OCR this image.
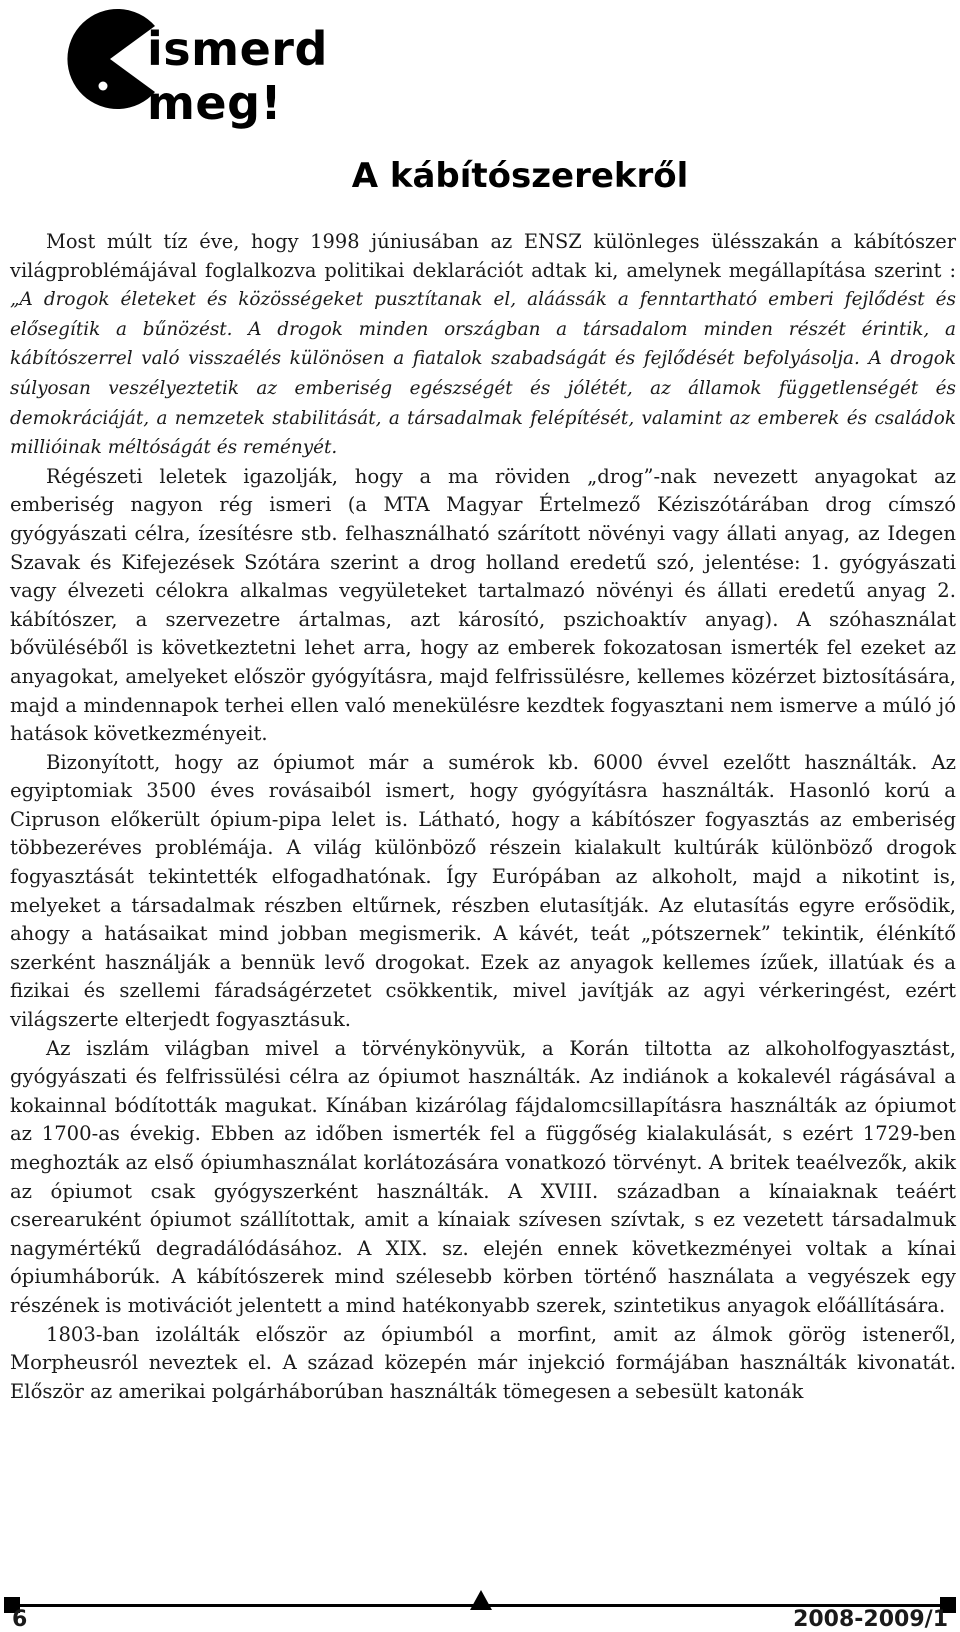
ismerd meg!
A kábítószerekről

Most múlt tíz éve, hogy 1998 júniusában az ENSZ különleges ülésszakán a kábítószer világproblémájával foglalkozva politikai deklarációt adtak ki, amelynek megállapítása szerint : „A drogok életeket és közösségeket pusztítanak el, aláássák a fenntartható emberi fejlődést és elősegítik a bűnözést. A drogok minden országban a társadalom minden részét érintik, a kábítószerrel való visszaélés különösen a fiatalok szabadságát és fejlődését befolyásolja. A drogok súlyosan veszélyeztetik az emberiség egészségét és jólétét, az államok függetlenségét és demokráciáját, a nemzetek stabilitását, a társadalmak felépítését, valamint az emberek és családok millióinak méltóságát és reményét.

Régészeti leletek igazolják, hogy a ma röviden „drog”-nak nevezett anyagokat az emberiség nagyon rég ismeri (a MTA Magyar Értelmező Kéziszótárában drog címszó gyógyászati célra, ízesítésre stb. felhasználható szárított növényi vagy állati anyag, az Idegen Szavak és Kifejezések Szótára szerint a drog holland eredetű szó, jelentése: 1. gyógyászati vagy élvezeti célokra alkalmas vegyületeket tartalmazó növényi és állati eredetű anyag 2. kábítószer, a szervezetre ártalmas, azt károsító, pszichoaktív anyag). A szóhasználat bővüléséből is következtetni lehet arra, hogy az emberek fokozatosan ismerték fel ezeket az anyagokat, amelyeket először gyógyításra, majd felfrissülésre, kellemes közérzet biztosítására, majd a mindennapok terhei ellen való menekülésre kezdtek fogyasztani nem ismerve a múló jó hatások következményeit.

Bizonyított, hogy az ópiumot már a sumérok kb. 6000 évvel ezelőtt használták. Az egyiptomiak 3500 éves rovásaiból ismert, hogy gyógyításra használták. Hasonló korú a Cipruson előkerült ópium-pipa lelet is. Látható, hogy a kábítószer fogyasztás az emberiség többezeréves problémája. A világ különböző részein kialakult kultúrák különböző drogok fogyasztását tekintették elfogadhatónak. Így Európában az alkoholt, majd a nikotint is, melyeket a társadalmak részben eltűrnek, részben elutasítják. Az elutasítás egyre erősödik, ahogy a hatásaikat mind jobban megismerik. A kávét, teát „pótszernek” tekintik, élénkítő szerként használják a bennük levő drogokat. Ezek az anyagok kellemes ízűek, illatúak és a fizikai és szellemi fáradságérzetet csökkentik, mivel javítják az agyi vérkeringést, ezért világszerte elterjedt fogyasztásuk.

Az iszlám világban mivel a törvénykönyvük, a Korán tiltotta az alkoholfogyasztást, gyógyászati és felfrissülési célra az ópiumot használták. Az indiánok a kokalevél rágásával a kokainnal bódították magukat. Kínában kizárólag fájdalomcsillapításra használták az ópiumot az 1700-as évekig. Ebben az időben ismerték fel a függőség kialakulását, s ezért 1729-ben meghozták az első ópiumhasználat korlátozására vonatkozó törvényt. A britek teaélvezők, akik az ópiumot csak gyógyszerként használták. A XVIII. században a kínaiaknak teáért cserearuként ópiumot szállítottak, amit a kínaiak szívesen szívtak, s ez vezetett társadalmuk nagymértékű degradálódásához. A XIX. sz. elején ennek következményei voltak a kínai ópiumháborúk. A kábítószerek mind szélesebb körben történő használata a vegyészek egy részének is motivációt jelentett a mind hatékonyabb szerek, szintetikus anyagok előállítására.

1803-ban izolálták először az ópiumból a morfint, amit az álmok görög isteneről, Morpheusról neveztek el. A század közepén már injekció formájában használták kivonatát. Először az amerikai polgárháborúban használták tömegesen a sebesült katonák

6	2008-2009/1
